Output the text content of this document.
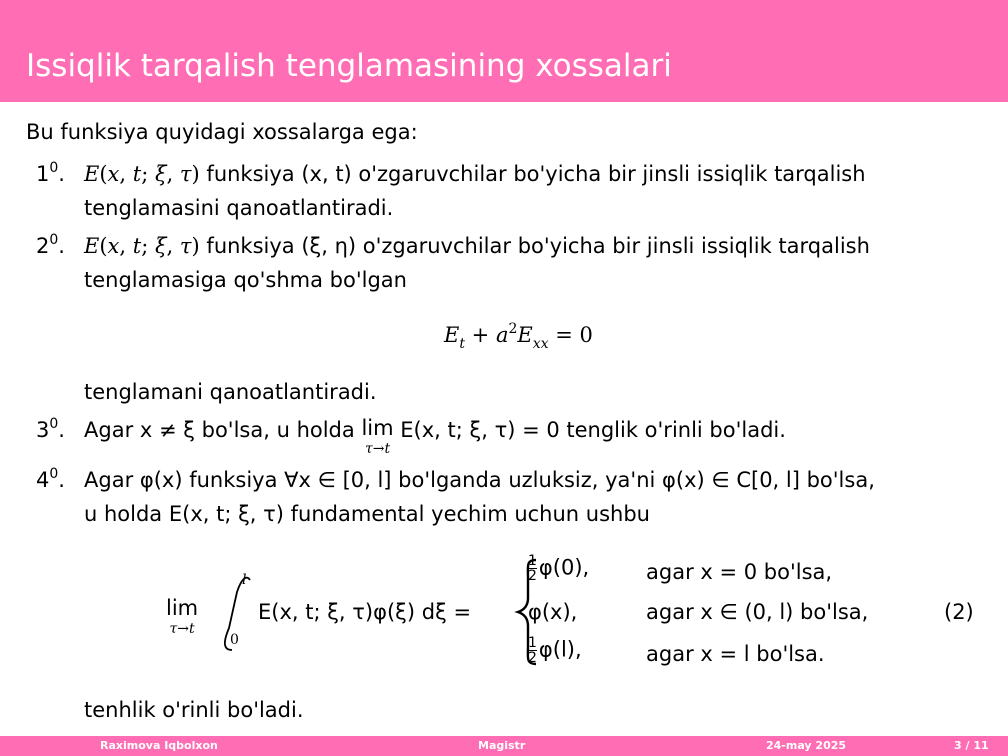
Issiqlik tarqalish tenglamasining xossalari
Bu funksiya quyidagi xossalarga ega:
$1^0$. E(x, t; ξ, τ) funksiya (x, t) o'zgaruvchilar bo'yicha bir jinsli issiqlik tarqalish
tenglamasini qanoatlantiradi.
$2^0$. E(x, t; ξ, τ) funksiya (ξ, η) o'zgaruvchilar bo'yicha bir jinsli issiqlik tarqalish
tenglamasiga qo'shma bo'lgan
$E_t + a^2E_{xx} = 0$
tenglamani qanoatlantiradi.
$3^0$. Agar x ≠ ξ bo'lsa, u holda lim
τ→t
E(x, t; ξ, τ) = 0 tenglik o'rinli bo'ladi.
$4^0$. Agar φ(x) funksiya ∀x ∈ [0, l] bo'lganda uzluksiz, ya'ni φ(x) ∈ C[0, l] bo'lsa,
u holda E(x, t; ξ, τ) fundamental yechim uchun ushbu
lim
τ→t
l
0
E(x, t; ξ, τ)φ(ξ) dξ =
$\frac{1}{2} \varphi(0)$,	agar x = 0 bo'lsa,
φ(x),	agar x ∈ (0, l) bo'lsa,
$\frac{1}{2} \varphi(l)$,	agar x = l bo'lsa.
(2)
tenhlik o'rinli bo'ladi.
Raximova Iqbolxon	Magistr	24-may 2025	3 / 11
